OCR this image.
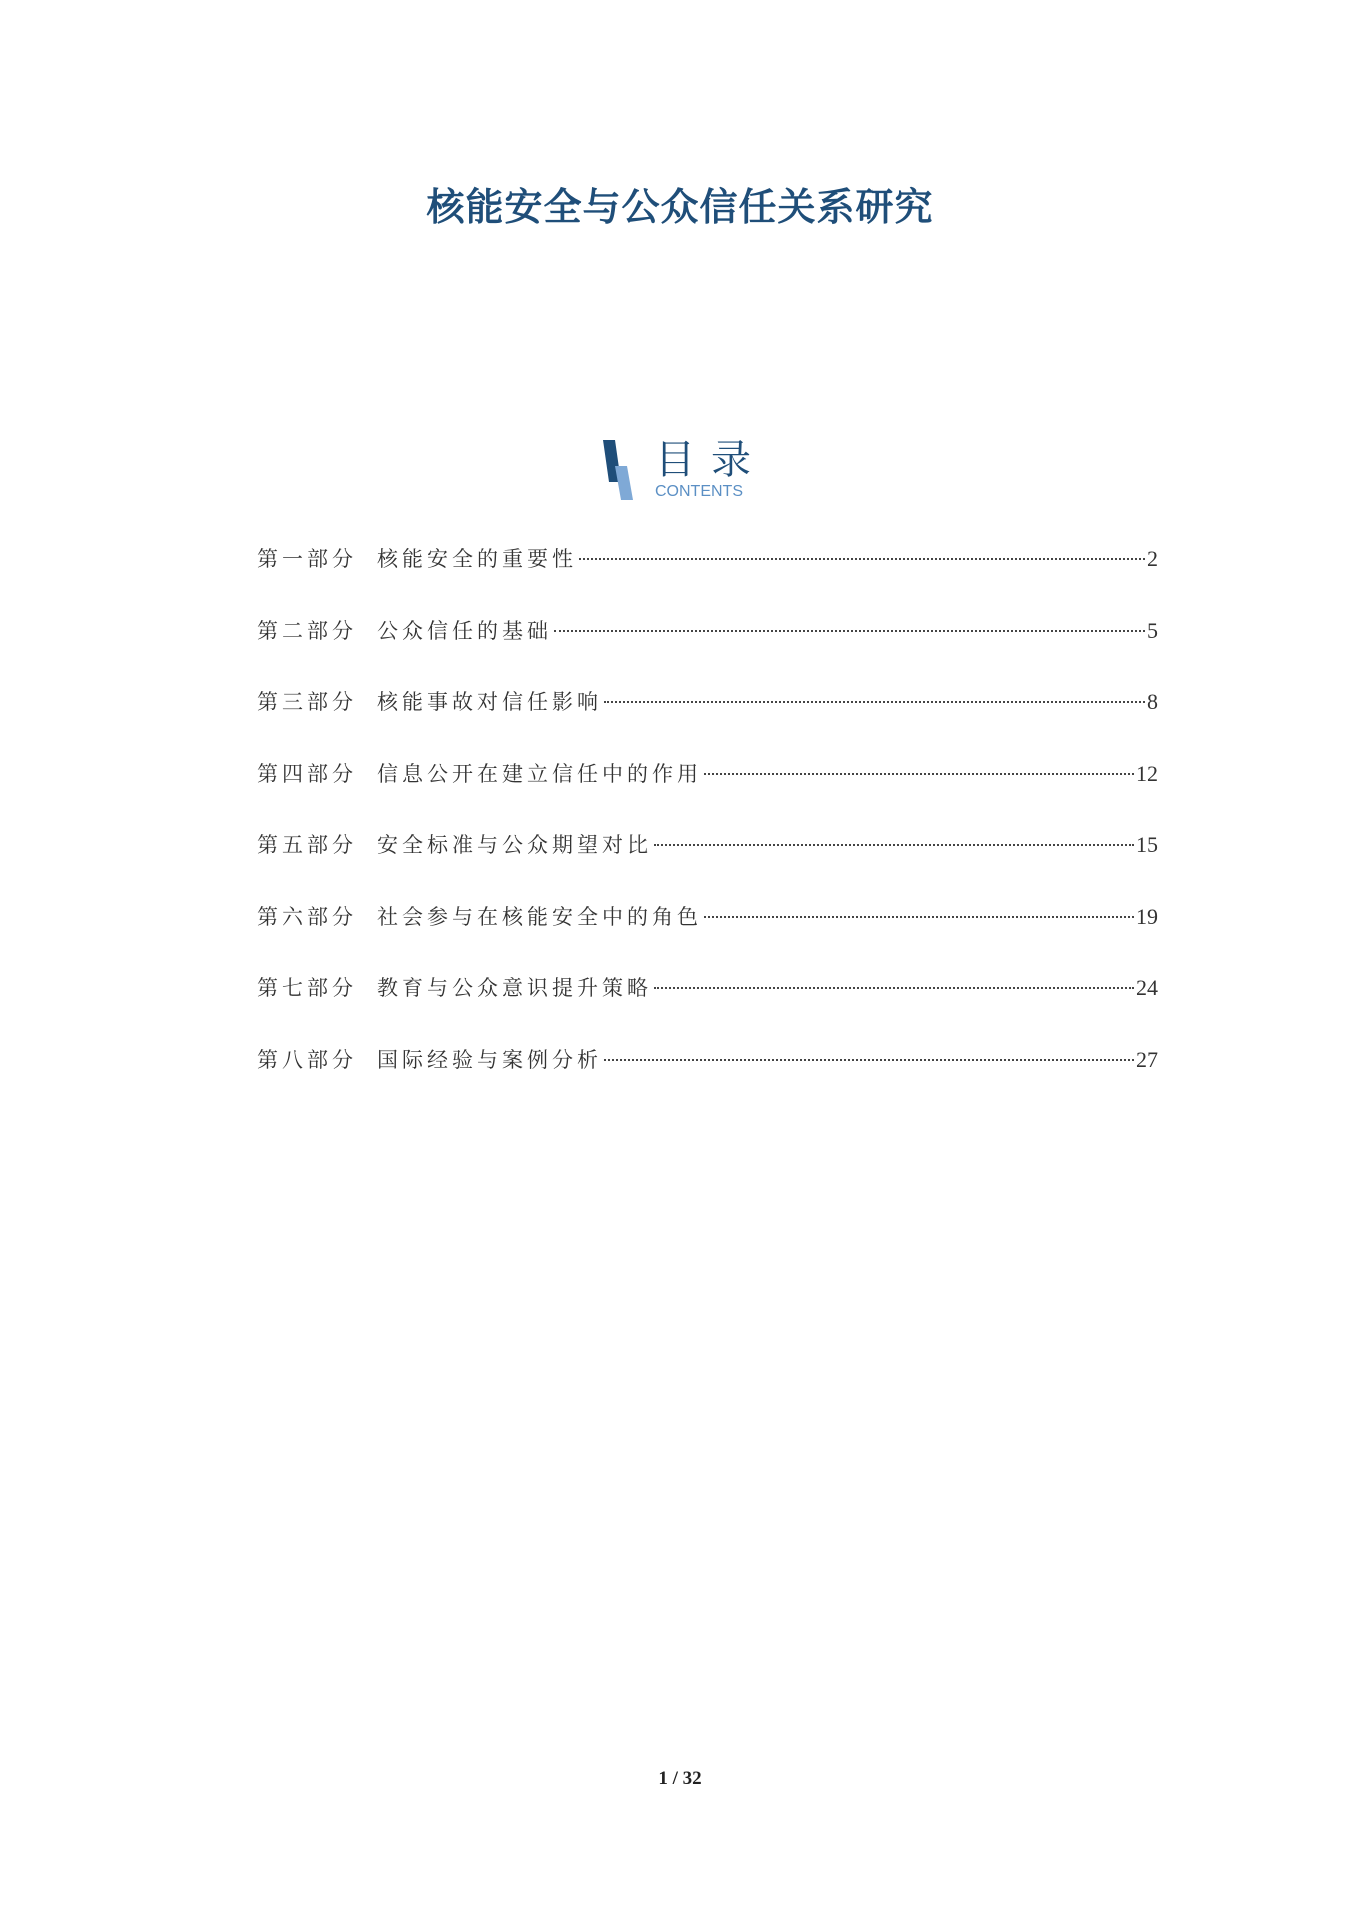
核能安全与公众信任关系研究
目录
CONTENTS
第一部分 核能安全的重要性	2
第二部分 公众信任的基础	5
第三部分 核能事故对信任影响	8
第四部分 信息公开在建立信任中的作用	12
第五部分 安全标准与公众期望对比	15
第六部分 社会参与在核能安全中的角色	19
第七部分 教育与公众意识提升策略	24
第八部分 国际经验与案例分析	27
1 / 32
